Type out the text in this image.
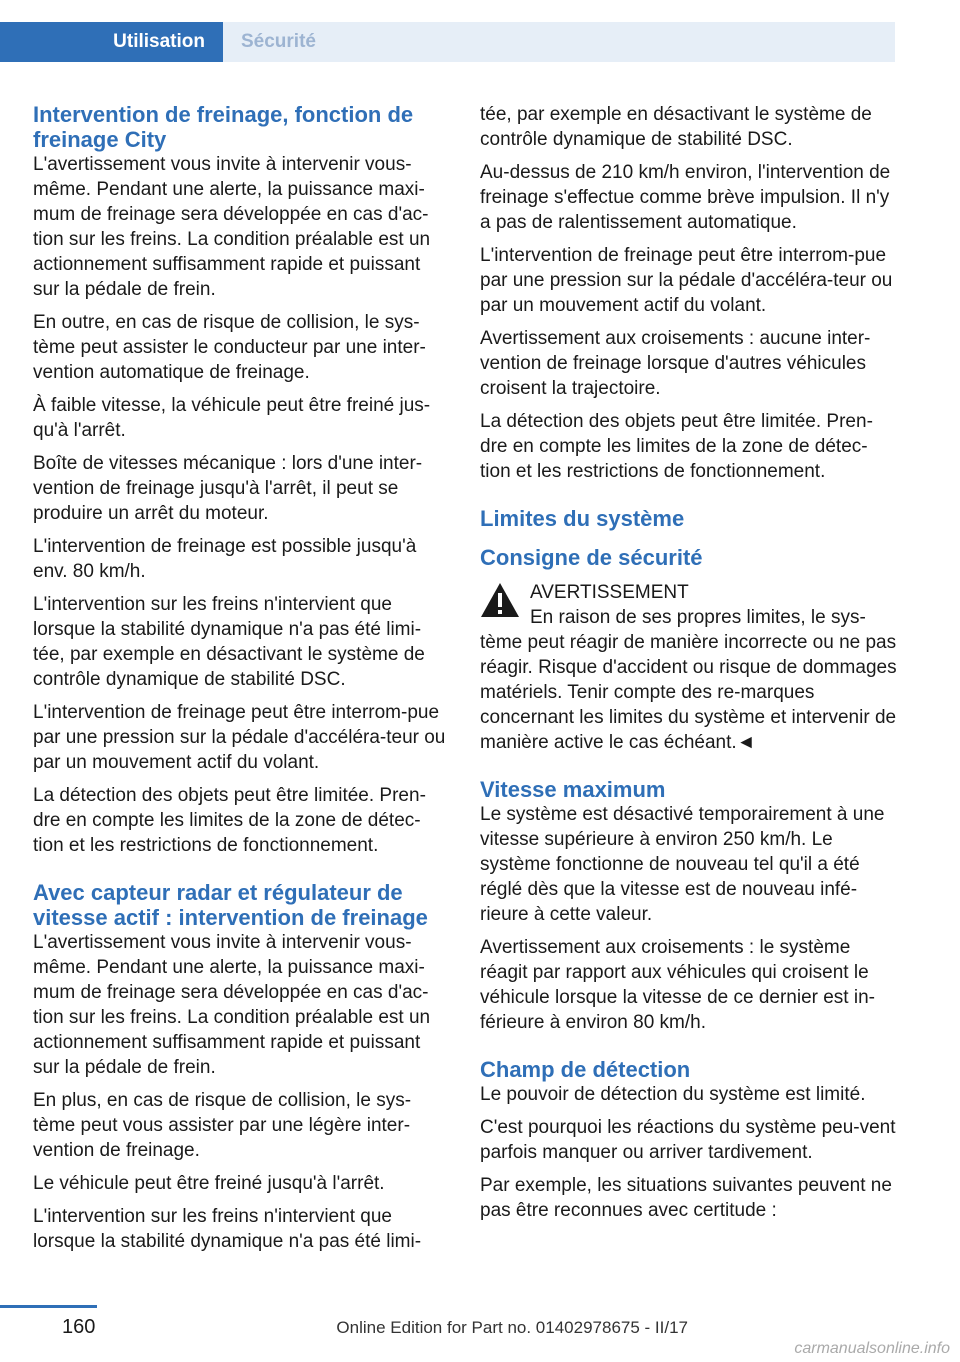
Utilisation	Sécurité
Intervention de freinage, fonction de freinage City

L'avertissement vous invite à intervenir vous-même. Pendant une alerte, la puissance maxi-mum de freinage sera développée en cas d'ac-tion sur les freins. La condition préalable est un actionnement suffisamment rapide et puissant sur la pédale de frein.

En outre, en cas de risque de collision, le sys-tème peut assister le conducteur par une inter-vention automatique de freinage.

À faible vitesse, la véhicule peut être freiné jus-qu'à l'arrêt.

Boîte de vitesses mécanique : lors d'une inter-vention de freinage jusqu'à l'arrêt, il peut se produire un arrêt du moteur.

L'intervention de freinage est possible jusqu'à env. 80 km/h.

L'intervention sur les freins n'intervient que lorsque la stabilité dynamique n'a pas été limi-tée, par exemple en désactivant le système de contrôle dynamique de stabilité DSC.

L'intervention de freinage peut être interrom-pue par une pression sur la pédale d'accéléra-teur ou par un mouvement actif du volant.

La détection des objets peut être limitée. Pren-dre en compte les limites de la zone de détec-tion et les restrictions de fonctionnement.

Avec capteur radar et régulateur de vitesse actif : intervention de freinage

L'avertissement vous invite à intervenir vous-même. Pendant une alerte, la puissance maxi-mum de freinage sera développée en cas d'ac-tion sur les freins. La condition préalable est un actionnement suffisamment rapide et puissant sur la pédale de frein.

En plus, en cas de risque de collision, le sys-tème peut vous assister par une légère inter-vention de freinage.

Le véhicule peut être freiné jusqu'à l'arrêt.

L'intervention sur les freins n'intervient que lorsque la stabilité dynamique n'a pas été limi-

tée, par exemple en désactivant le système de contrôle dynamique de stabilité DSC.

Au-dessus de 210 km/h environ, l'intervention de freinage s'effectue comme brève impulsion. Il n'y a pas de ralentissement automatique.

L'intervention de freinage peut être interrom-pue par une pression sur la pédale d'accéléra-teur ou par un mouvement actif du volant.

Avertissement aux croisements : aucune inter-vention de freinage lorsque d'autres véhicules croisent la trajectoire.

La détection des objets peut être limitée. Pren-dre en compte les limites de la zone de détec-tion et les restrictions de fonctionnement.

Limites du système
Consigne de sécurité

AVERTISSEMENT

En raison de ses propres limites, le sys-tème peut réagir de manière incorrecte ou ne pas réagir. Risque d'accident ou risque de dommages matériels. Tenir compte des re-marques concernant les limites du système et intervenir de manière active le cas échéant.◄

Vitesse maximum

Le système est désactivé temporairement à une vitesse supérieure à environ 250 km/h. Le système fonctionne de nouveau tel qu'il a été réglé dès que la vitesse est de nouveau infé-rieure à cette valeur.

Avertissement aux croisements : le système réagit par rapport aux véhicules qui croisent le véhicule lorsque la vitesse de ce dernier est in-férieure à environ 80 km/h.

Champ de détection

Le pouvoir de détection du système est limité.

C'est pourquoi les réactions du système peu-vent parfois manquer ou arriver tardivement.

Par exemple, les situations suivantes peuvent ne pas être reconnues avec certitude :

160	Online Edition for Part no. 01402978675 - II/17
carmanualsonline.info
